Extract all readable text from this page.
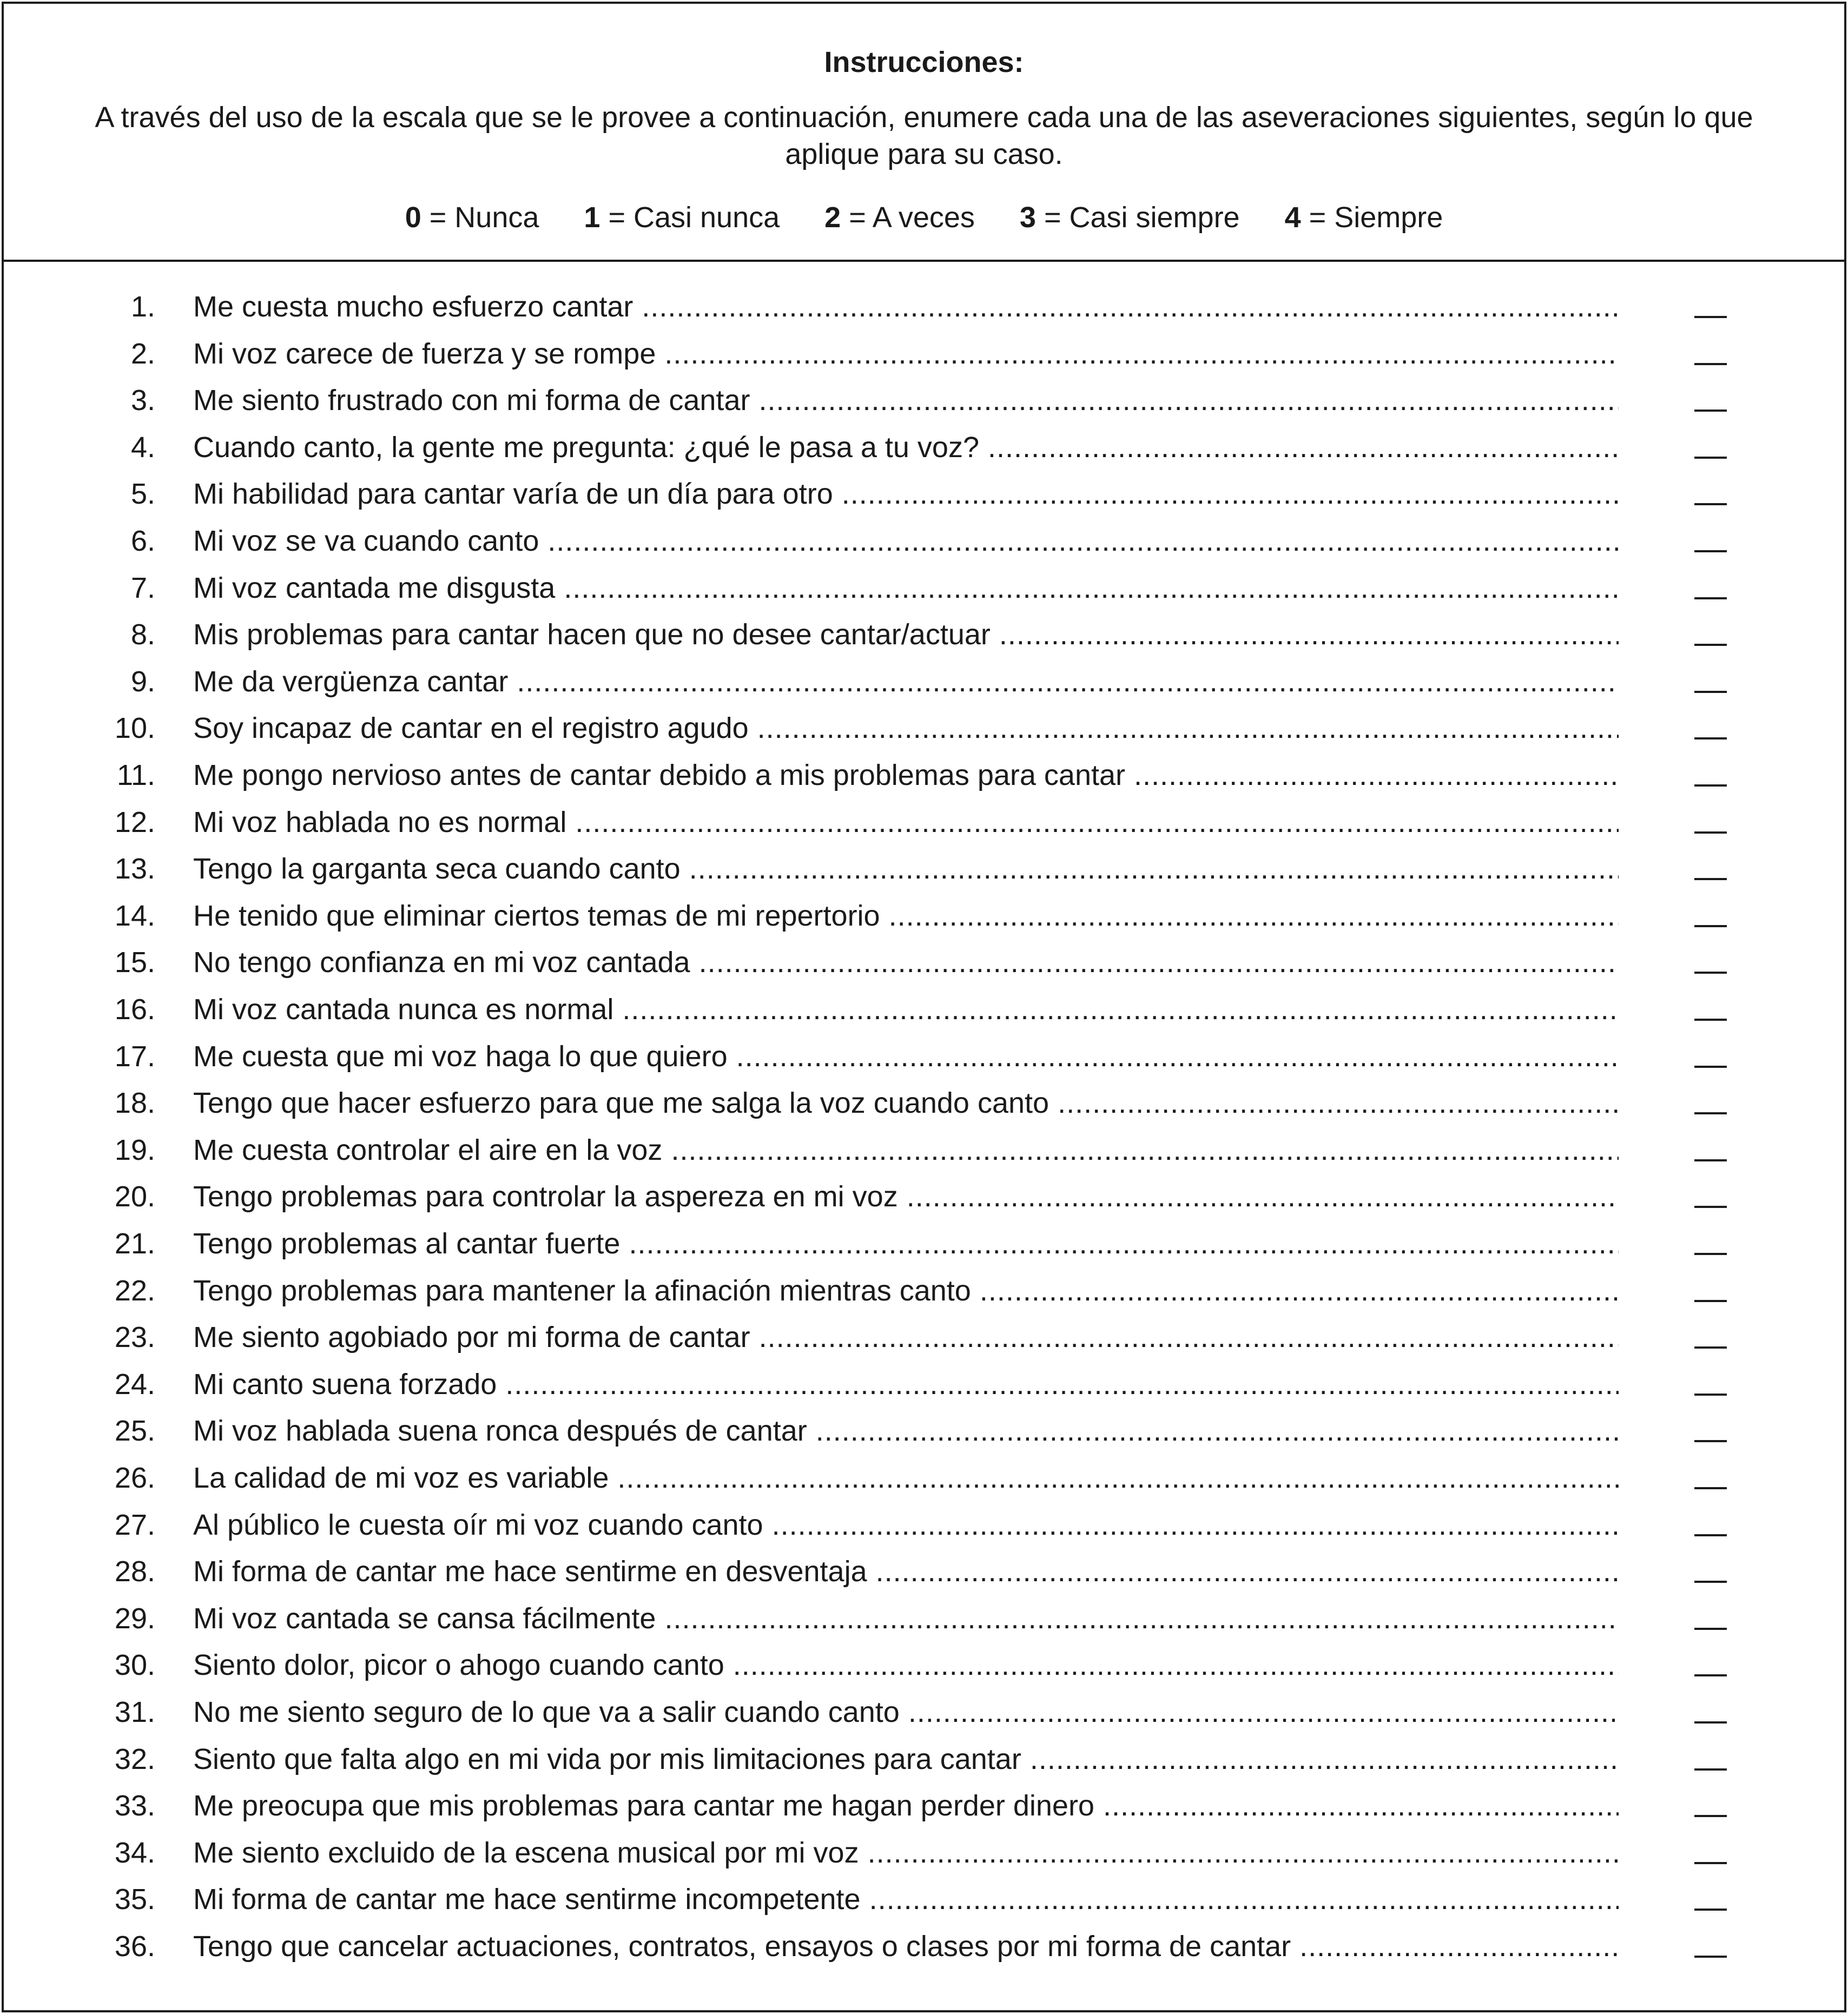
Instrucciones:
A través del uso de la escala que se le provee a continuación, enumere cada una de las aseveraciones siguientes, según lo que aplique para su caso.
0 = Nunca 1 = Casi nunca 2 = A veces 3 = Casi siempre 4 = Siempre
1. Me cuesta mucho esfuerzo cantar .....
2. Mi voz carece de fuerza y se rompe .....
3. Me siento frustrado con mi forma de cantar .....
4. Cuando canto, la gente me pregunta: ¿qué le pasa a tu voz? .....
5. Mi habilidad para cantar varía de un día para otro .....
6. Mi voz se va cuando canto .....
7. Mi voz cantada me disgusta .....
8. Mis problemas para cantar hacen que no desee cantar/actuar .....
9. Me da vergüenza cantar .....
10. Soy incapaz de cantar en el registro agudo .....
11. Me pongo nervioso antes de cantar debido a mis problemas para cantar .....
12. Mi voz hablada no es normal .....
13. Tengo la garganta seca cuando canto .....
14. He tenido que eliminar ciertos temas de mi repertorio .....
15. No tengo confianza en mi voz cantada .....
16. Mi voz cantada nunca es normal .....
17. Me cuesta que mi voz haga lo que quiero .....
18. Tengo que hacer esfuerzo para que me salga la voz cuando canto .....
19. Me cuesta controlar el aire en la voz .....
20. Tengo problemas para controlar la aspereza en mi voz .....
21. Tengo problemas al cantar fuerte .....
22. Tengo problemas para mantener la afinación mientras canto .....
23. Me siento agobiado por mi forma de cantar .....
24. Mi canto suena forzado .....
25. Mi voz hablada suena ronca después de cantar .....
26. La calidad de mi voz es variable .....
27. Al público le cuesta oír mi voz cuando canto .....
28. Mi forma de cantar me hace sentirme en desventaja .....
29. Mi voz cantada se cansa fácilmente .....
30. Siento dolor, picor o ahogo cuando canto .....
31. No me siento seguro de lo que va a salir cuando canto .....
32. Siento que falta algo en mi vida por mis limitaciones para cantar .....
33. Me preocupa que mis problemas para cantar me hagan perder dinero .....
34. Me siento excluido de la escena musical por mi voz .....
35. Mi forma de cantar me hace sentirme incompetente .....
36. Tengo que cancelar actuaciones, contratos, ensayos o clases por mi forma de cantar .....
